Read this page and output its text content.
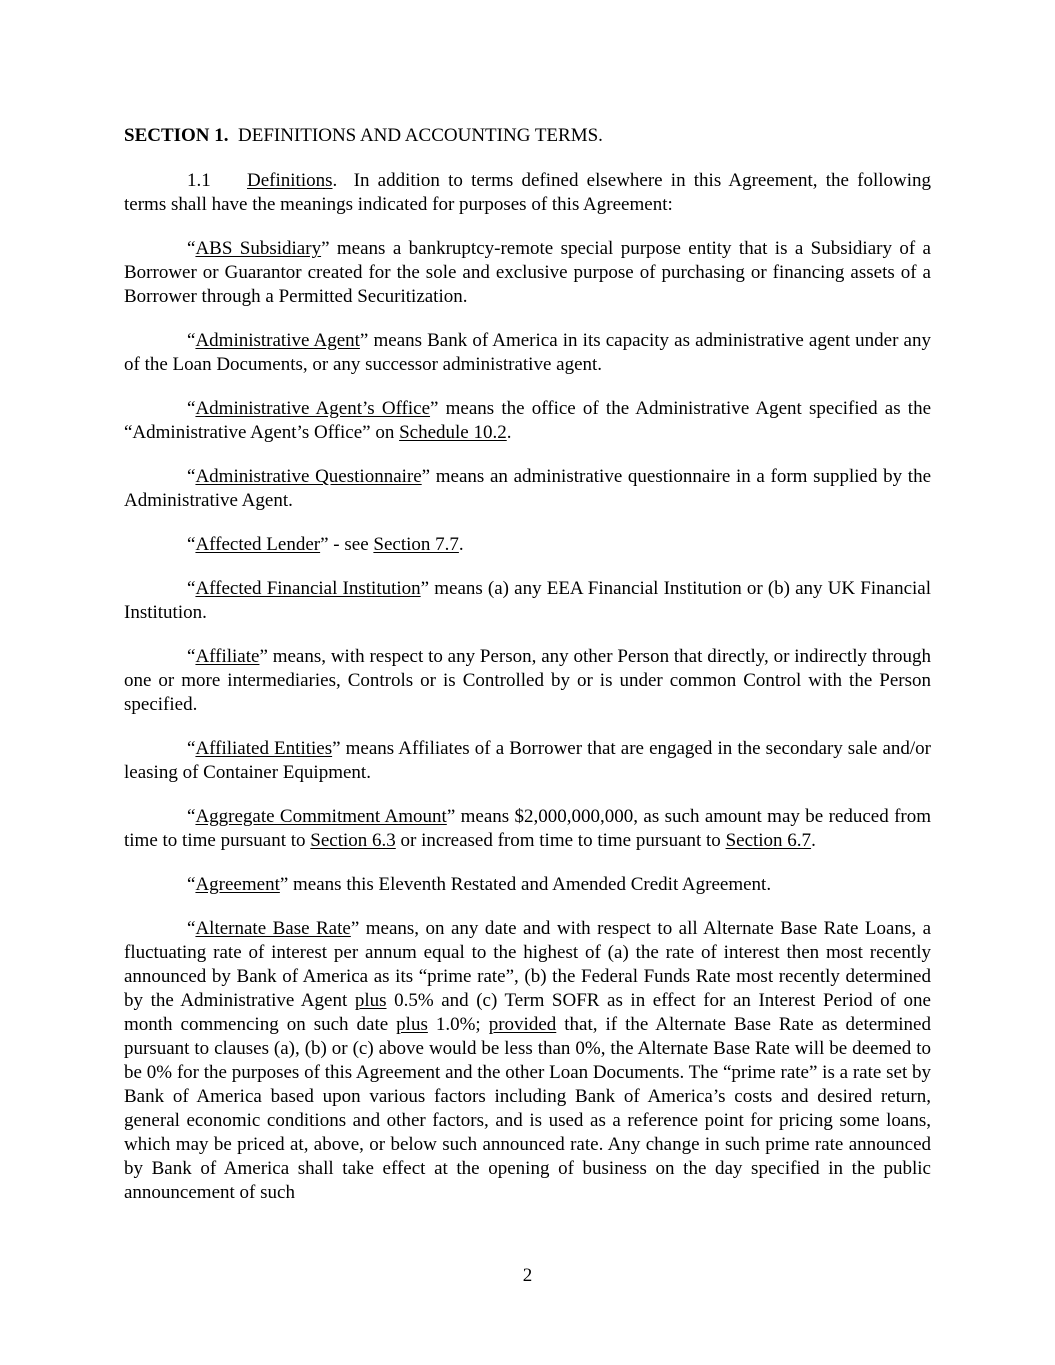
SECTION 1. DEFINITIONS AND ACCOUNTING TERMS.

1.1 Definitions.  In addition to terms defined elsewhere in this Agreement, the following terms shall have the meanings indicated for purposes of this Agreement:

“ABS Subsidiary” means a bankruptcy-remote special purpose entity that is a Subsidiary of a Borrower or Guarantor created for the sole and exclusive purpose of purchasing or financing assets of a Borrower through a Permitted Securitization.

“Administrative Agent” means Bank of America in its capacity as administrative agent under any of the Loan Documents, or any successor administrative agent.

“Administrative Agent’s Office” means the office of the Administrative Agent specified as the “Administrative Agent’s Office” on Schedule 10.2.

“Administrative Questionnaire” means an administrative questionnaire in a form supplied by the Administrative Agent.

“Affected Lender” - see Section 7.7.

“Affected Financial Institution” means (a) any EEA Financial Institution or (b) any UK Financial Institution.

“Affiliate” means, with respect to any Person, any other Person that directly, or indirectly through one or more intermediaries, Controls or is Controlled by or is under common Control with the Person specified.

“Affiliated Entities” means Affiliates of a Borrower that are engaged in the secondary sale and/or leasing of Container Equipment.

“Aggregate Commitment Amount” means $2,000,000,000, as such amount may be reduced from time to time pursuant to Section 6.3 or increased from time to time pursuant to Section 6.7.

“Agreement” means this Eleventh Restated and Amended Credit Agreement.

“Alternate Base Rate” means, on any date and with respect to all Alternate Base Rate Loans, a fluctuating rate of interest per annum equal to the highest of (a) the rate of interest then most recently announced by Bank of America as its “prime rate”, (b) the Federal Funds Rate most recently determined by the Administrative Agent plus 0.5% and (c) Term SOFR as in effect for an Interest Period of one month commencing on such date plus 1.0%; provided that, if the Alternate Base Rate as determined pursuant to clauses (a), (b) or (c) above would be less than 0%, the Alternate Base Rate will be deemed to be 0% for the purposes of this Agreement and the other Loan Documents. The “prime rate” is a rate set by Bank of America based upon various factors including Bank of America’s costs and desired return, general economic conditions and other factors, and is used as a reference point for pricing some loans, which may be priced at, above, or below such announced rate. Any change in such prime rate announced by Bank of America shall take effect at the opening of business on the day specified in the public announcement of such

2
